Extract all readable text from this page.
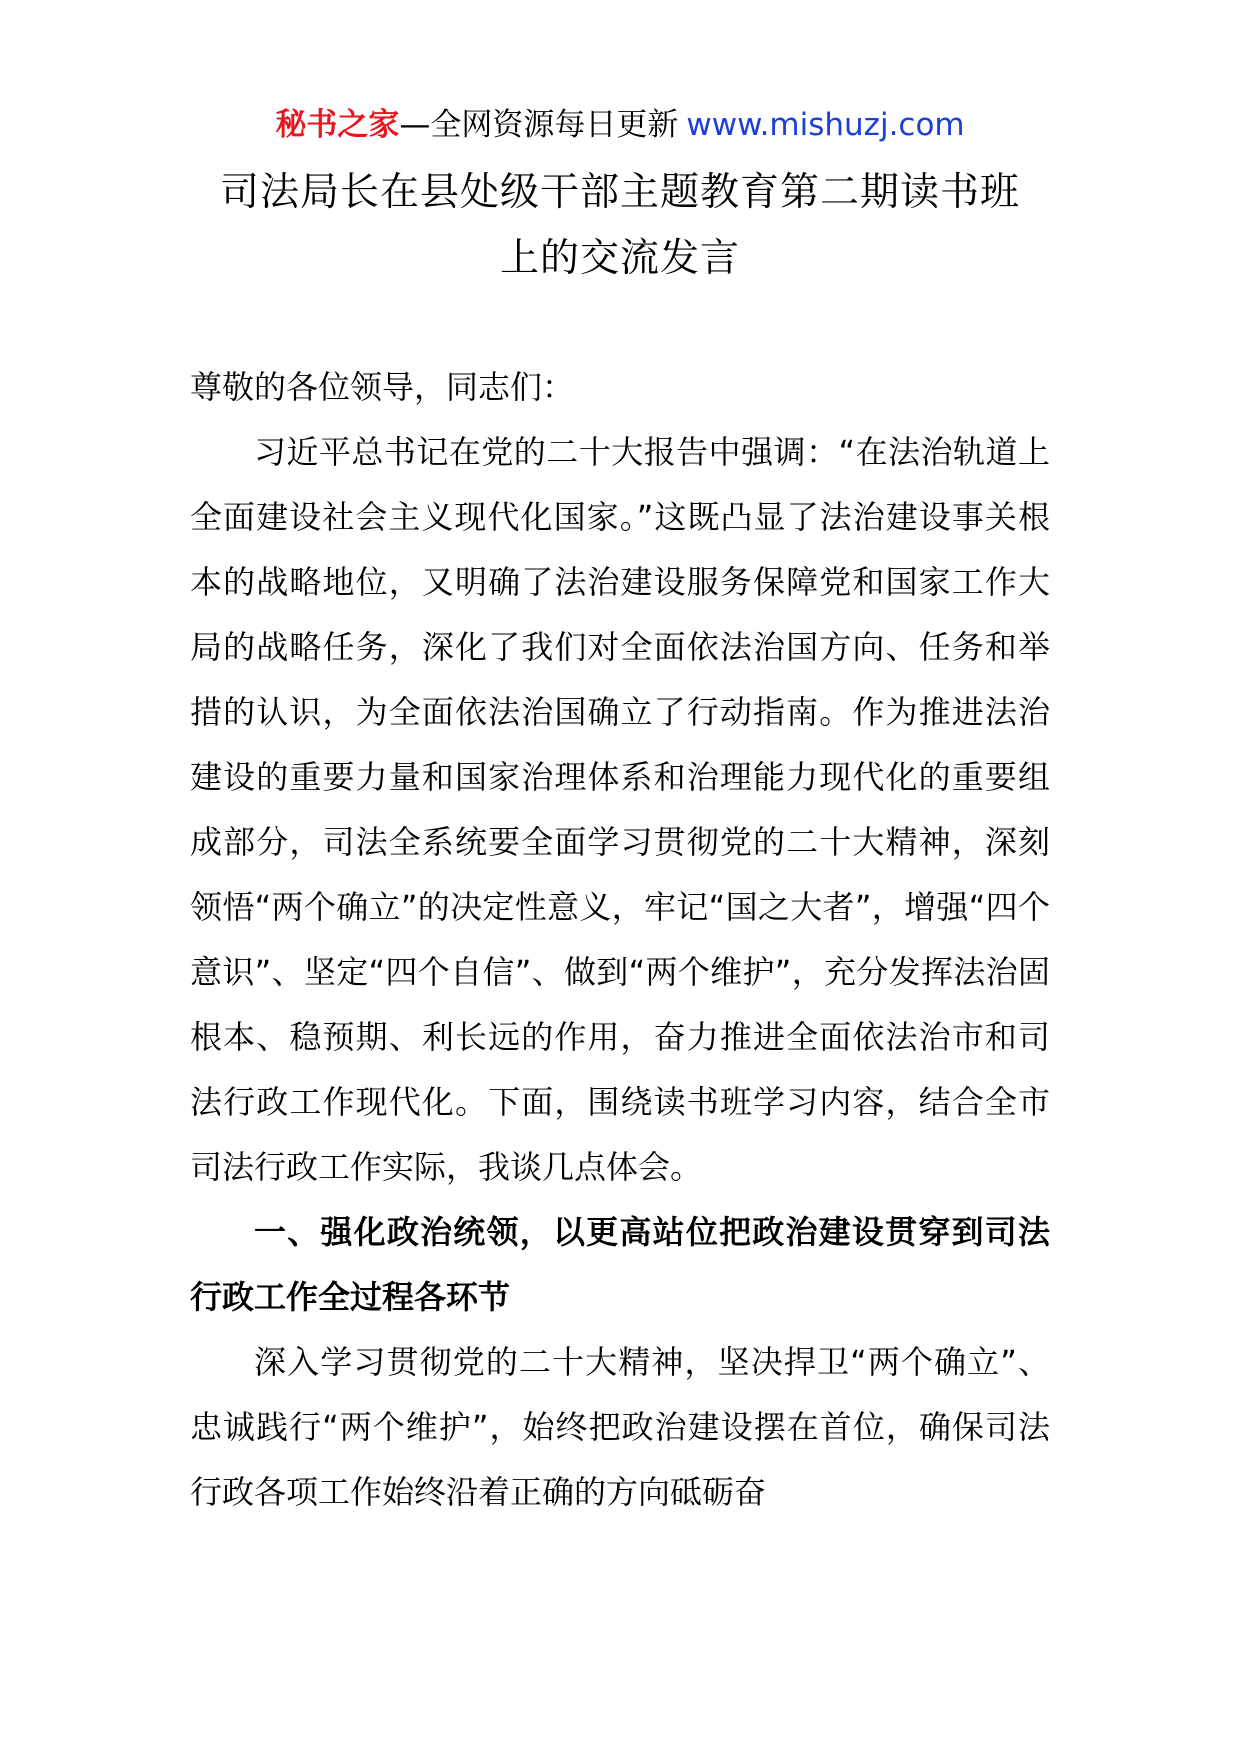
秘书之家—全网资源每日更新 www.mishuzj.com
司法局长在县处级干部主题教育第二期读书班
上的交流发言

尊敬的各位领导，同志们：

习近平总书记在党的二十大报告中强调：“在法治轨道上全面建设社会主义现代化国家。”这既凸显了法治建设事关根本的战略地位，又明确了法治建设服务保障党和国家工作大局的战略任务，深化了我们对全面依法治国方向、任务和举措的认识，为全面依法治国确立了行动指南。作为推进法治建设的重要力量和国家治理体系和治理能力现代化的重要组成部分，司法全系统要全面学习贯彻党的二十大精神，深刻领悟“两个确立”的决定性意义，牢记“国之大者”，增强“四个意识”、坚定“四个自信”、做到“两个维护”，充分发挥法治固根本、稳预期、利长远的作用，奋力推进全面依法治市和司法行政工作现代化。下面，围绕读书班学习内容，结合全市司法行政工作实际，我谈几点体会。

一、强化政治统领，以更高站位把政治建设贯穿到司法行政工作全过程各环节

深入学习贯彻党的二十大精神，坚决捍卫“两个确立”、忠诚践行“两个维护”，始终把政治建设摆在首位，确保司法行政各项工作始终沿着正确的方向砥砺奋
